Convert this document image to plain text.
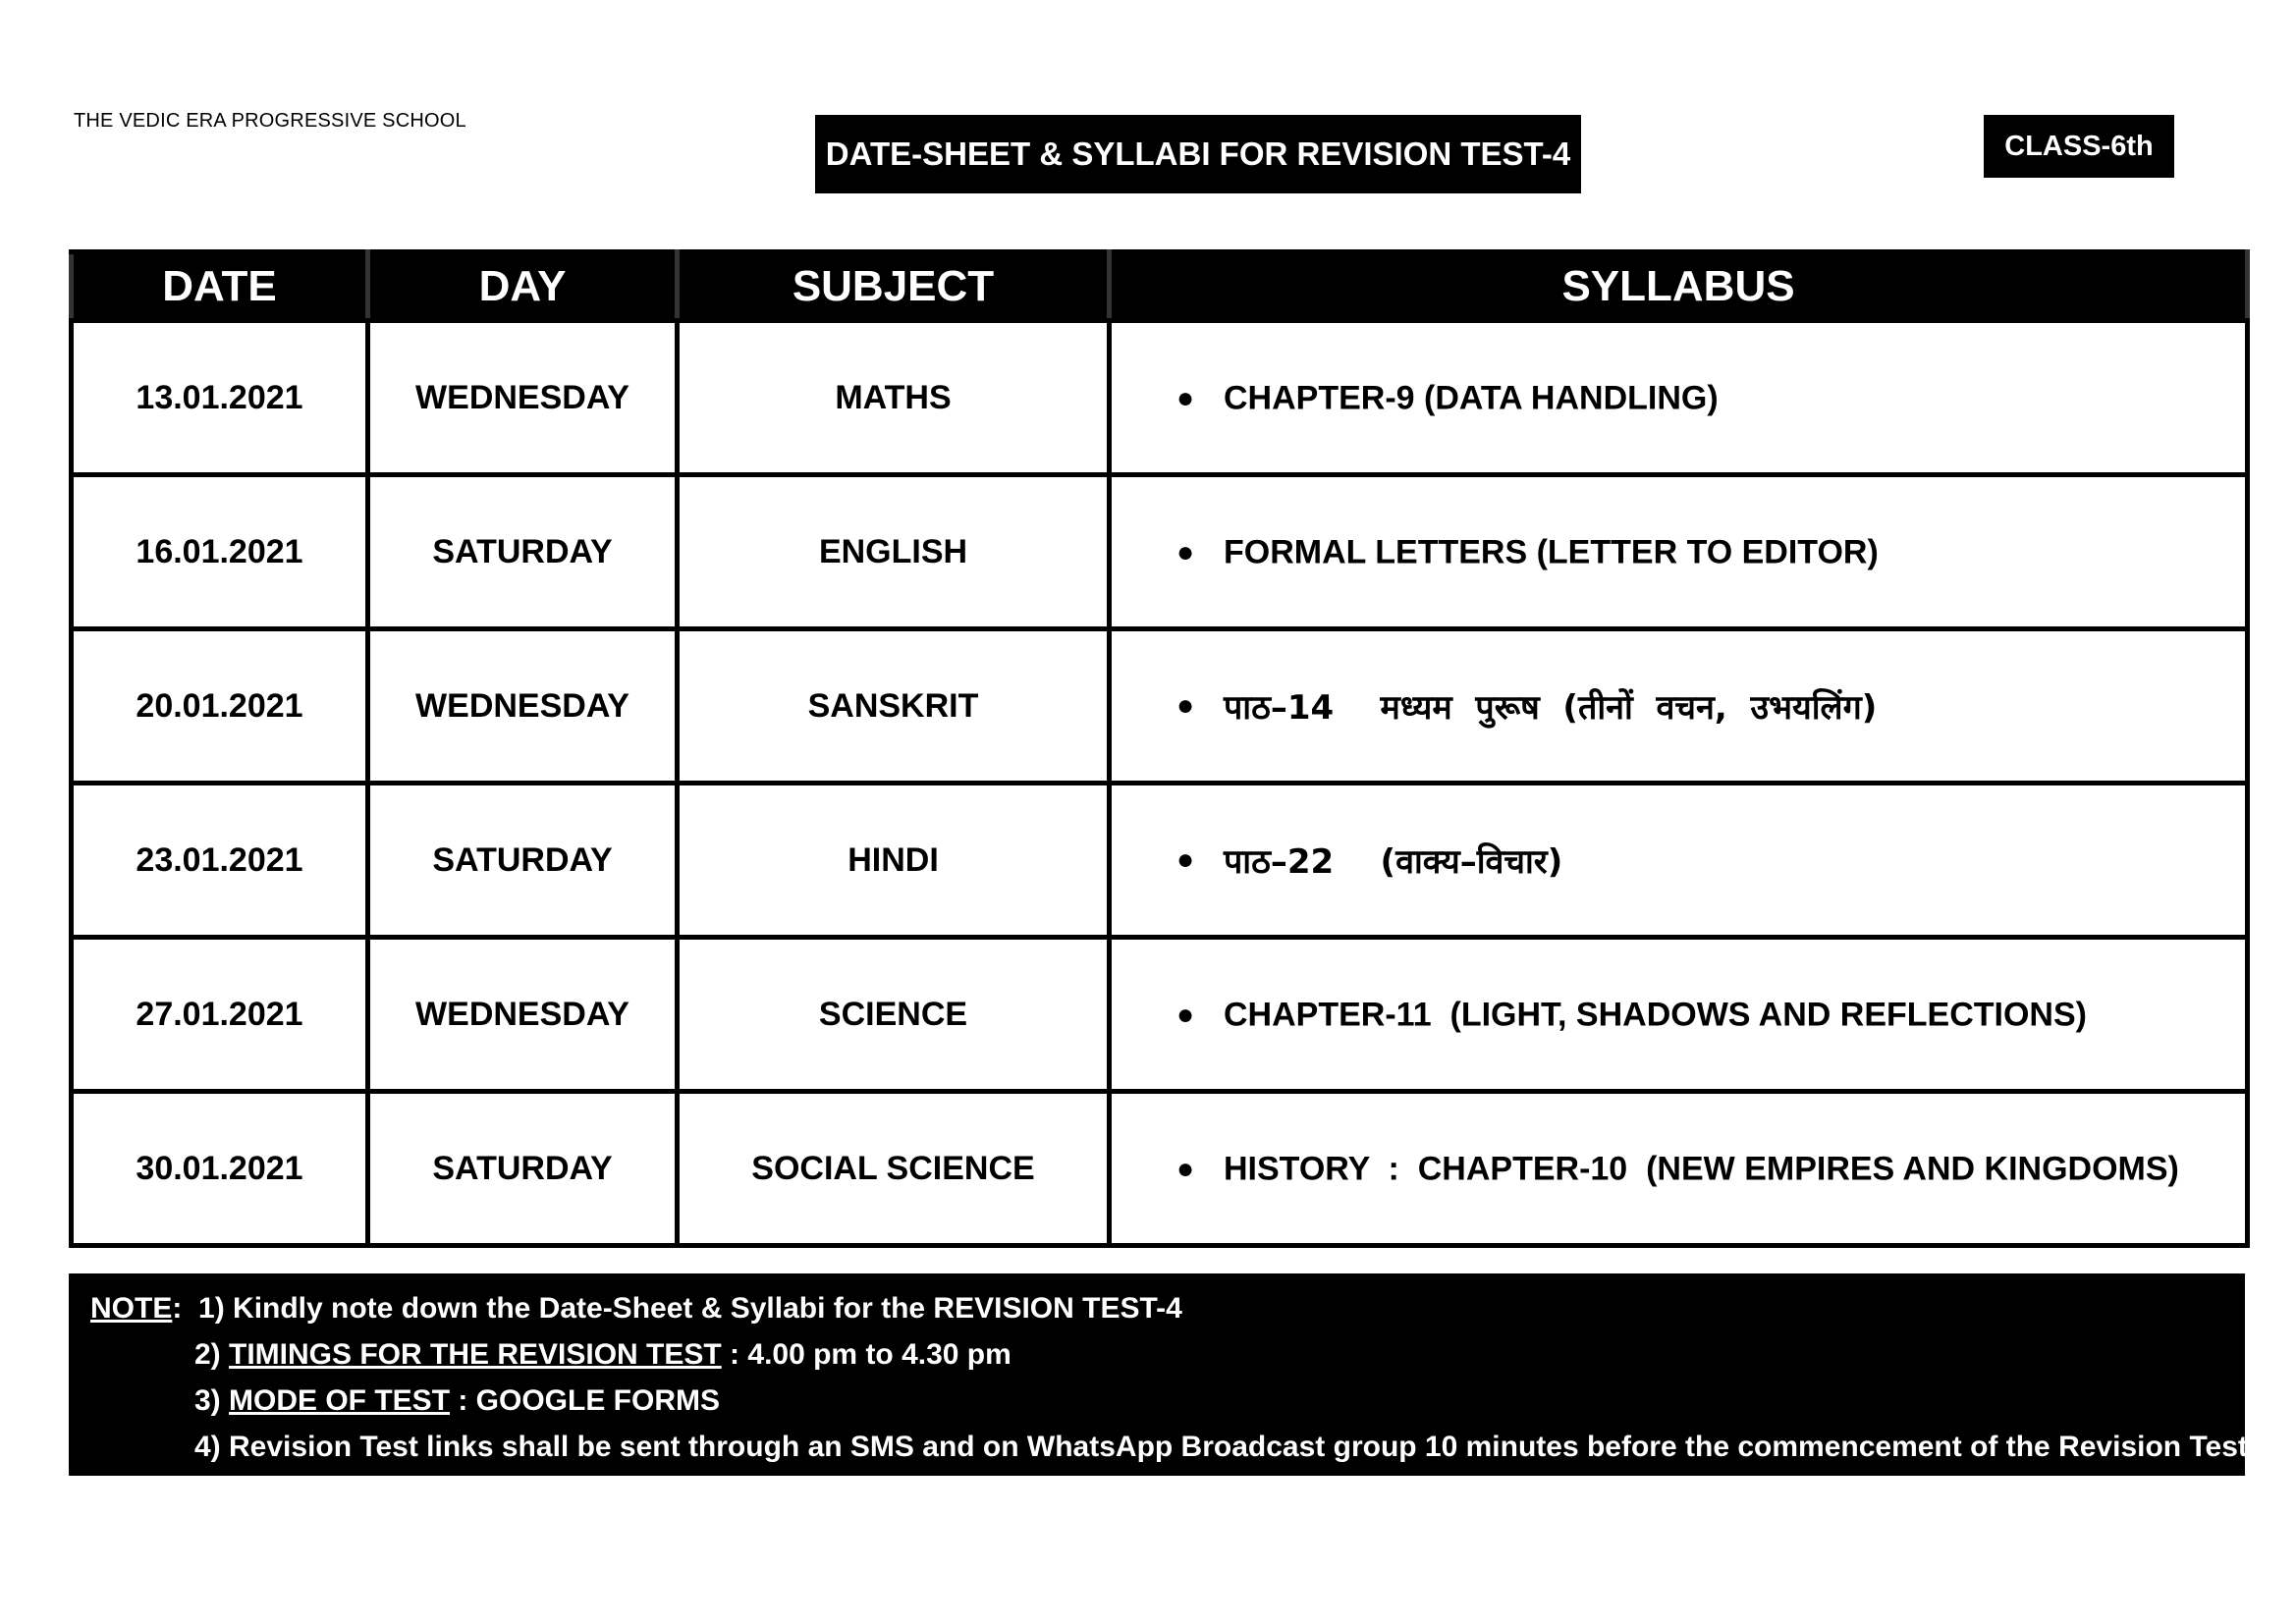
THE VEDIC ERA PROGRESSIVE SCHOOL
DATE-SHEET & SYLLABI FOR REVISION TEST-4	CLASS-6th
DATE	DAY	SUBJECT	SYLLABUS
13.01.2021	WEDNESDAY	MATHS	● CHAPTER-9 (DATA HANDLING)
16.01.2021	SATURDAY	ENGLISH	● FORMAL LETTERS (LETTER TO EDITOR)
20.01.2021	WEDNESDAY	SANSKRIT	● पाठ–14    मध्यम  पुरूष  (तीनों  वचन,  उभयलिंग)
23.01.2021	SATURDAY	HINDI	● पाठ–22    (वाक्य–विचार)
27.01.2021	WEDNESDAY	SCIENCE	● CHAPTER-11  (LIGHT, SHADOWS AND REFLECTIONS)
30.01.2021	SATURDAY	SOCIAL SCIENCE	● HISTORY  :  CHAPTER-10  (NEW EMPIRES AND KINGDOMS)
NOTE:  1) Kindly note down the Date-Sheet & Syllabi for the REVISION TEST-4
2) TIMINGS FOR THE REVISION TEST : 4.00 pm to 4.30 pm
3) MODE OF TEST : GOOGLE FORMS
4) Revision Test links shall be sent through an SMS and on WhatsApp Broadcast group 10 minutes before the commencement of the Revision Test.
